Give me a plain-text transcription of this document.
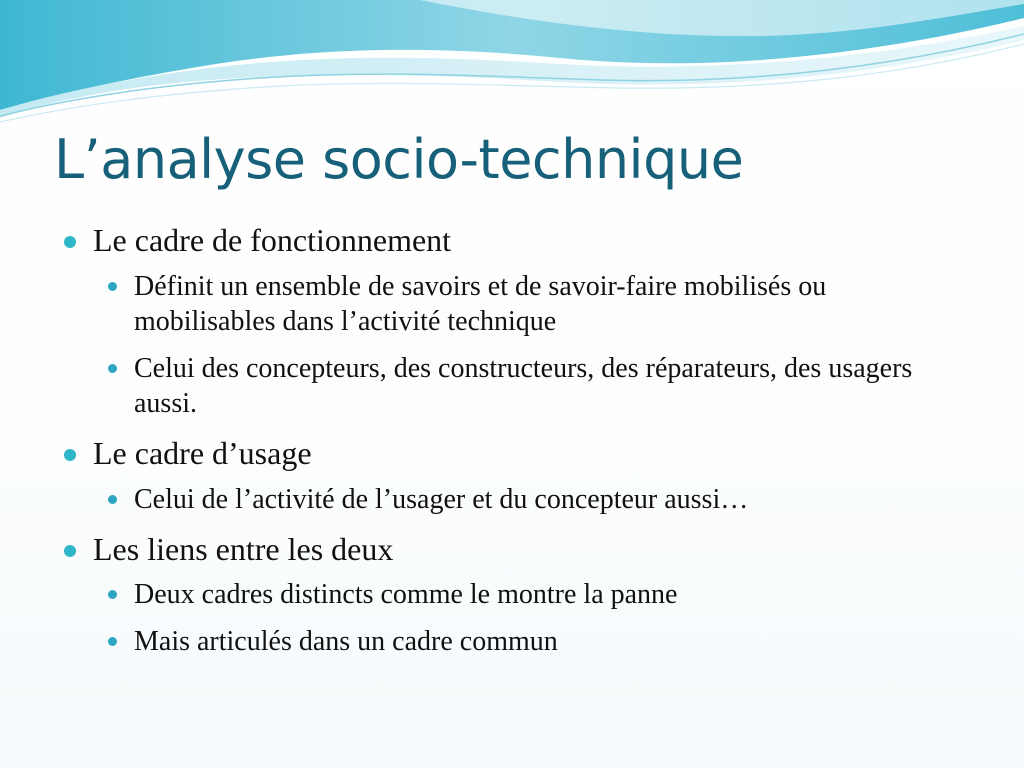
L’analyse socio-technique
Le cadre de fonctionnement
Définit un ensemble de savoirs et de savoir-faire mobilisés ou mobilisables dans l’activité technique
Celui des concepteurs, des constructeurs, des réparateurs, des usagers aussi.
Le cadre d’usage
Celui de l’activité de l’usager et du concepteur aussi…
Les liens entre les deux
Deux cadres distincts comme le montre la panne
Mais articulés dans un cadre commun
